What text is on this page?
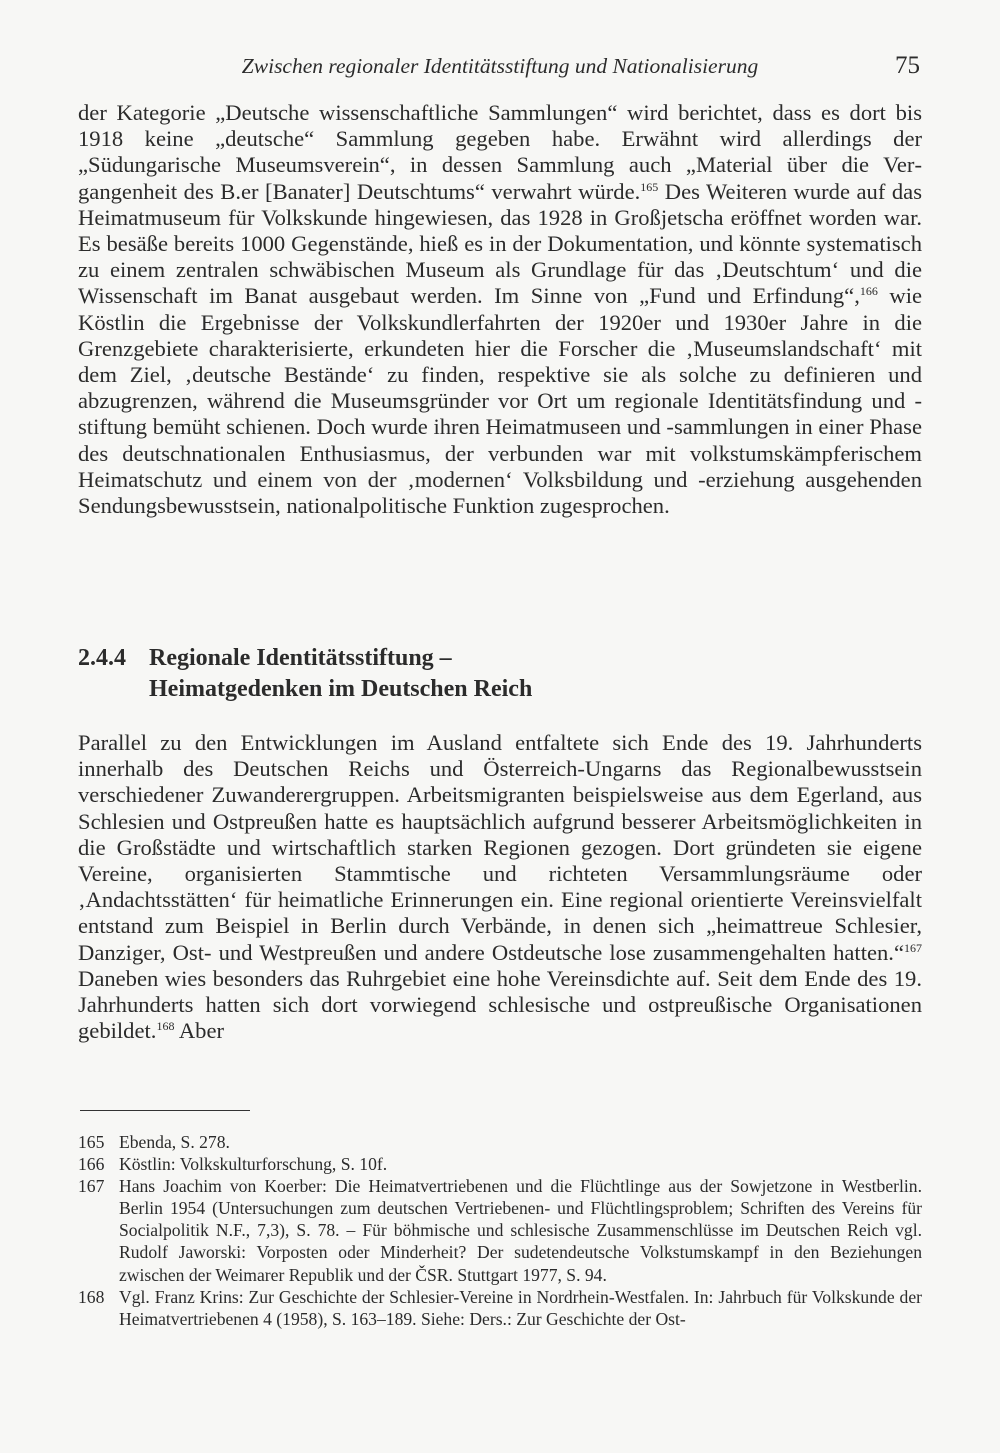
Zwischen regionaler Identitätsstiftung und Nationalisierung	75

der Kategorie „Deutsche wissenschaftliche Sammlungen“ wird berichtet, dass es dort bis 1918 keine „deutsche“ Sammlung gegeben habe. Erwähnt wird allerdings der „Südungarische Museumsverein“, in dessen Sammlung auch „Material über die Vergangenheit des B.er [Banater] Deutschtums“ verwahrt würde.$^{165}$ Des Weiteren wurde auf das Heimatmuseum für Volkskunde hingewiesen, das 1928 in Großjetscha eröffnet worden war. Es besäße bereits 1000 Gegenstände, hieß es in der Dokumentation, und könnte systematisch zu einem zentralen schwäbischen Museum als Grundlage für das ‚Deutschtum‘ und die Wissenschaft im Banat ausgebaut werden. Im Sinne von „Fund und Erfindung“,$^{166}$ wie Köstlin die Ergebnisse der Volkskundlerfahrten der 1920er und 1930er Jahre in die Grenzgebiete charakterisierte, erkundeten hier die Forscher die ‚Museumslandschaft‘ mit dem Ziel, ‚deutsche Bestände‘ zu finden, respektive sie als solche zu definieren und abzugrenzen, während die Museumsgründer vor Ort um regionale Identitätsfindung und -stiftung bemüht schienen. Doch wurde ihren Heimatmuseen und -sammlungen in einer Phase des deutschnationalen Enthusiasmus, der verbunden war mit volkstumskämpferischem Heimatschutz und einem von der ‚modernen‘ Volksbildung und -erziehung ausgehenden Sendungsbewusstsein, nationalpolitische Funktion zugesprochen.

2.4.4 Regionale Identitätsstiftung –
Heimatgedenken im Deutschen Reich

Parallel zu den Entwicklungen im Ausland entfaltete sich Ende des 19. Jahrhunderts innerhalb des Deutschen Reichs und Österreich-Ungarns das Regionalbewusstsein verschiedener Zuwanderergruppen. Arbeitsmigranten beispielsweise aus dem Egerland, aus Schlesien und Ostpreußen hatte es hauptsächlich aufgrund besserer Arbeitsmöglichkeiten in die Großstädte und wirtschaftlich starken Regionen gezogen. Dort gründeten sie eigene Vereine, organisierten Stammtische und richteten Versammlungsräume oder ‚Andachtsstätten‘ für heimatliche Erinnerungen ein. Eine regional orientierte Vereinsvielfalt entstand zum Beispiel in Berlin durch Verbände, in denen sich „heimattreue Schlesier, Danziger, Ost- und Westpreußen und andere Ostdeutsche lose zusammengehalten hatten.“$^{167}$ Daneben wies besonders das Ruhrgebiet eine hohe Vereinsdichte auf. Seit dem Ende des 19. Jahrhunderts hatten sich dort vorwiegend schlesische und ostpreußische Organisationen gebildet.$^{168}$ Aber

165 Ebenda, S. 278.
166 Köstlin: Volkskulturforschung, S. 10f.
167 Hans Joachim von Koerber: Die Heimatvertriebenen und die Flüchtlinge aus der Sowjetzone in Westberlin. Berlin 1954 (Untersuchungen zum deutschen Vertriebenen- und Flüchtlingsproblem; Schriften des Vereins für Socialpolitik N.F., 7,3), S. 78. – Für böhmische und schlesische Zusammenschlüsse im Deutschen Reich vgl. Rudolf Jaworski: Vorposten oder Minderheit? Der sudetendeutsche Volkstumskampf in den Beziehungen zwischen der Weimarer Republik und der ČSR. Stuttgart 1977, S. 94.
168 Vgl. Franz Krins: Zur Geschichte der Schlesier-Vereine in Nordrhein-Westfalen. In: Jahrbuch für Volkskunde der Heimatvertriebenen 4 (1958), S. 163–189. Siehe: Ders.: Zur Geschichte der Ost-
